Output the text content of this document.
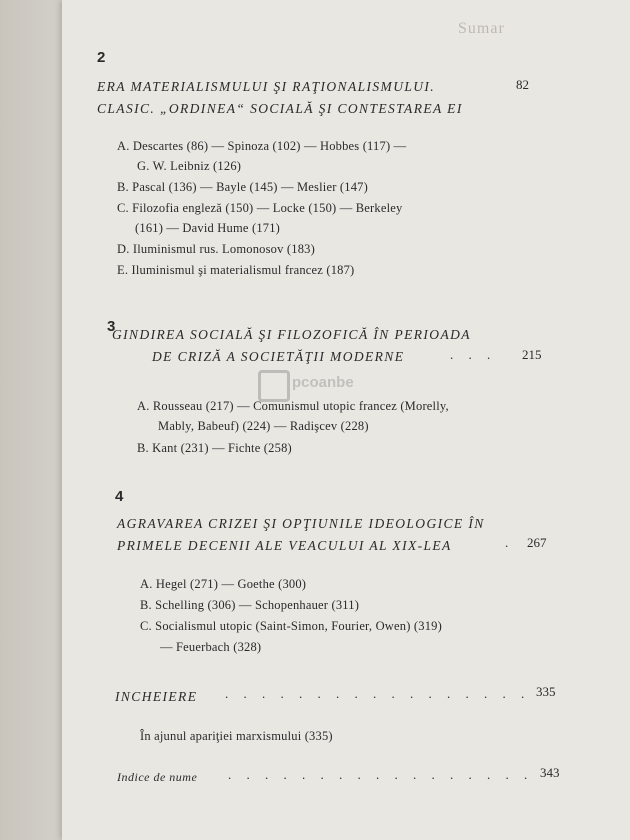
Sumar
2
ERA MATERIALISMULUI ŞI RAŢIONALISMULUI.
CLASIC. „ORDINEA“ SOCIALĂ ŞI CONTESTAREA EI
82
A. Descartes (86) — Spinoza (102) — Hobbes (117) —
G. W. Leibniz (126)
B. Pascal (136) — Bayle (145) — Meslier (147)
C. Filozofia engleză (150) — Locke (150) — Berkeley
(161) — David Hume (171)
D. Iluminismul rus. Lomonosov (183)
E. Iluminismul şi materialismul francez (187)
3
GINDIREA SOCIALĂ ŞI FILOZOFICĂ ÎN PERIOADA
DE CRIZĂ A SOCIETĂŢII MODERNE	. . . 215
A. Rousseau (217) — Comunismul utopic francez (Morelly,
Mably, Babeuf) (224) — Radişcev (228)
B. Kant (231) — Fichte (258)
4
AGRAVAREA CRIZEI ŞI OPŢIUNILE IDEOLOGICE ÎN
PRIMELE DECENII ALE VEACULUI AL XIX-LEA	. 267
A. Hegel (271) — Goethe (300)
B. Schelling (306) — Schopenhauer (311)
C. Socialismul utopic (Saint-Simon, Fourier, Owen) (319)
— Feuerbach (328)
INCHEIERE . . . . . . . . . . . . . . . . . 335
În ajunul apariţiei marxismului (335)
Indice de nume . . . . . . . . . . . . . . . . . 343
pcoanbe
